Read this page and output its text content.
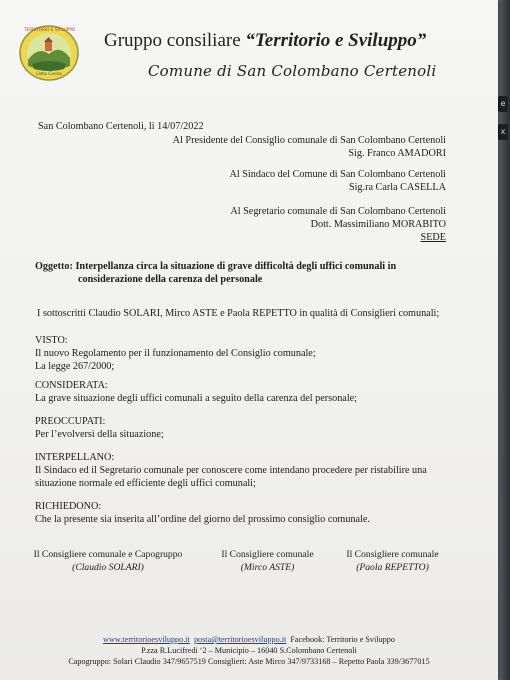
e
x
TERRITORIO E SVILUPPO
Lista Civica
Gruppo consiliare “Territorio e Sviluppo”
Comune di San Colombano Certenoli
San Colombano Certenoli, lì 14/07/2022
Al Presidente del Consiglio comunale di San Colombano Certenoli
Sig. Franco AMADORI
Al Sindaco del Comune di San Colombano Certenoli
Sig.ra Carla CASELLA
Al Segretario comunale di San Colombano Certenoli
Dott. Massimiliano MORABITO
SEDE
Oggetto: Interpellanza circa la situazione di grave difficoltà degli uffici comunali in
considerazione della carenza del personale
I sottoscritti Claudio SOLARI, Mirco ASTE e Paola REPETTO in qualità di Consiglieri comunali;
VISTO:
Il nuovo Regolamento per il funzionamento del Consiglio comunale;
La legge 267/2000;
CONSIDERATA:
La grave situazione degli uffici comunali a seguito della carenza del personale;
PREOCCUPATI:
Per l’evolversi della situazione;
INTERPELLANO:
Il Sindaco ed il Segretario comunale per conoscere come intendano procedere per ristabilire una
situazione normale ed efficiente degli uffici comunali;
RICHIEDONO:
Che la presente sia inserita all’ordine del giorno del prossimo consiglio comunale.
Il Consigliere comunale e Capogruppo
(Claudio SOLARI)
Il Consigliere comunale
(Mirco ASTE)
Il Consigliere comunale
(Paola REPETTO)
www.territorioesviluppo.it posta@territorioesviluppo.it Facebook: Territorio e Sviluppo
P.zza R.Lucifredi ‘2 – Municipio – 16040 S.Colombano Certenoli
Capogruppo: Solari Claudio 347/9657519 Consiglieri: Aste Mirco 347/9733168 – Repetto Paola 339/3677015
